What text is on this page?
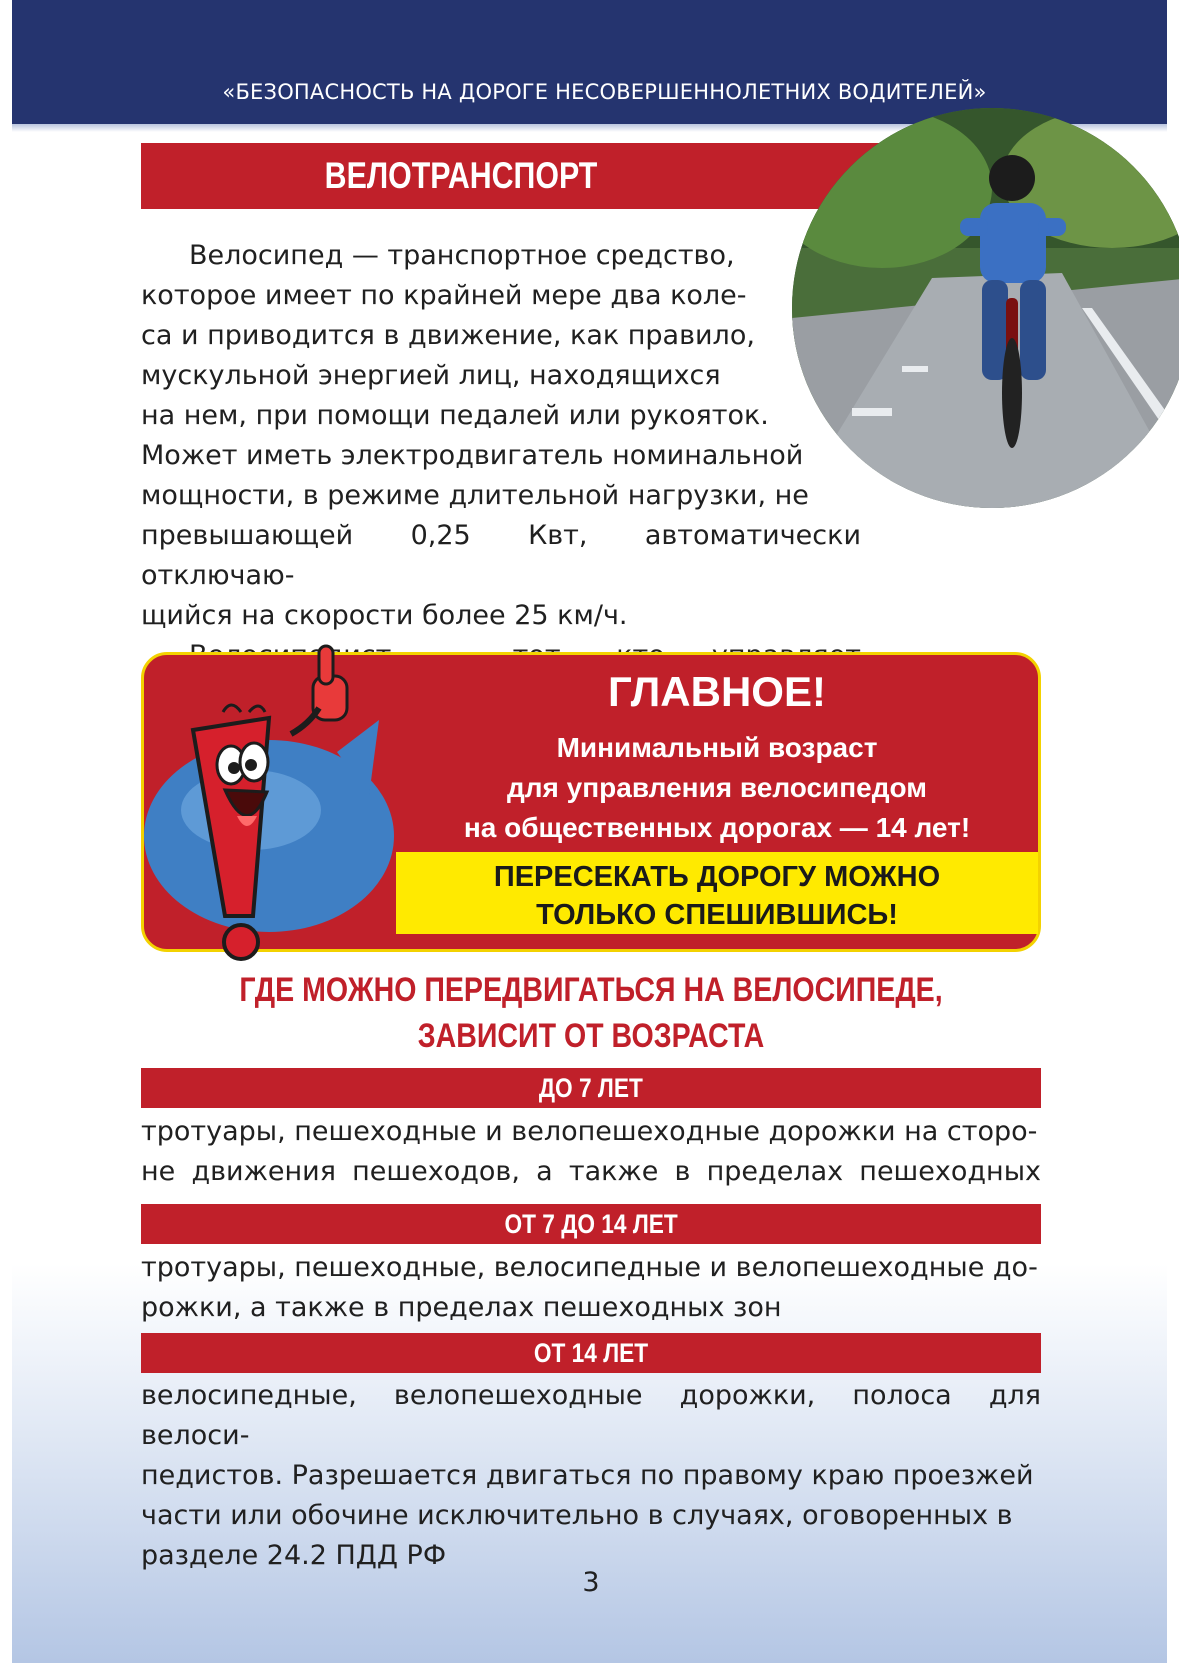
«БЕЗОПАСНОСТЬ НА ДОРОГЕ НЕСОВЕРШЕННОЛЕТНИХ ВОДИТЕЛЕЙ»
ВЕЛОТРАНСПОРТ

Велосипед — транспортное средство,
которое имеет по крайней мере два коле-
са и приводится в движение, как правило,
мускульной энергией лиц, находящихся
на нем, при помощи педалей или рукояток.
Может иметь электродвигатель номинальной
мощности, в режиме длительной нагрузки, не
превышающей 0,25 Квт, автоматически отключаю-
щийся на скорости более 25 км/ч.

ГЛАВНОЕ!
Минимальный возраст
для управления велосипедом
на общественных дорогах — 14 лет!
ПЕРЕСЕКАТЬ ДОРОГУ МОЖНО
ТОЛЬКО СПЕШИВШИСЬ!
ГДЕ МОЖНО ПЕРЕДВИГАТЬСЯ НА ВЕЛОСИПЕДЕ,
ЗАВИСИТ ОТ ВОЗРАСТА
ДО 7 ЛЕТ
тротуары, пешеходные и велопешеходные дорожки на сторо-
не движения пешеходов, а также в пределах пешеходных
ОТ 7 ДО 14 ЛЕТ
тротуары, пешеходные, велосипедные и велопешеходные до-
рожки, а также в пределах пешеходных зон
ОТ 14 ЛЕТ
велосипедные, велопешеходные дорожки, полоса для велоси-
педистов. Разрешается двигаться по правому краю проезжей
части или обочине исключительно в случаях, оговоренных в
разделе 24.2 ПДД РФ
3
